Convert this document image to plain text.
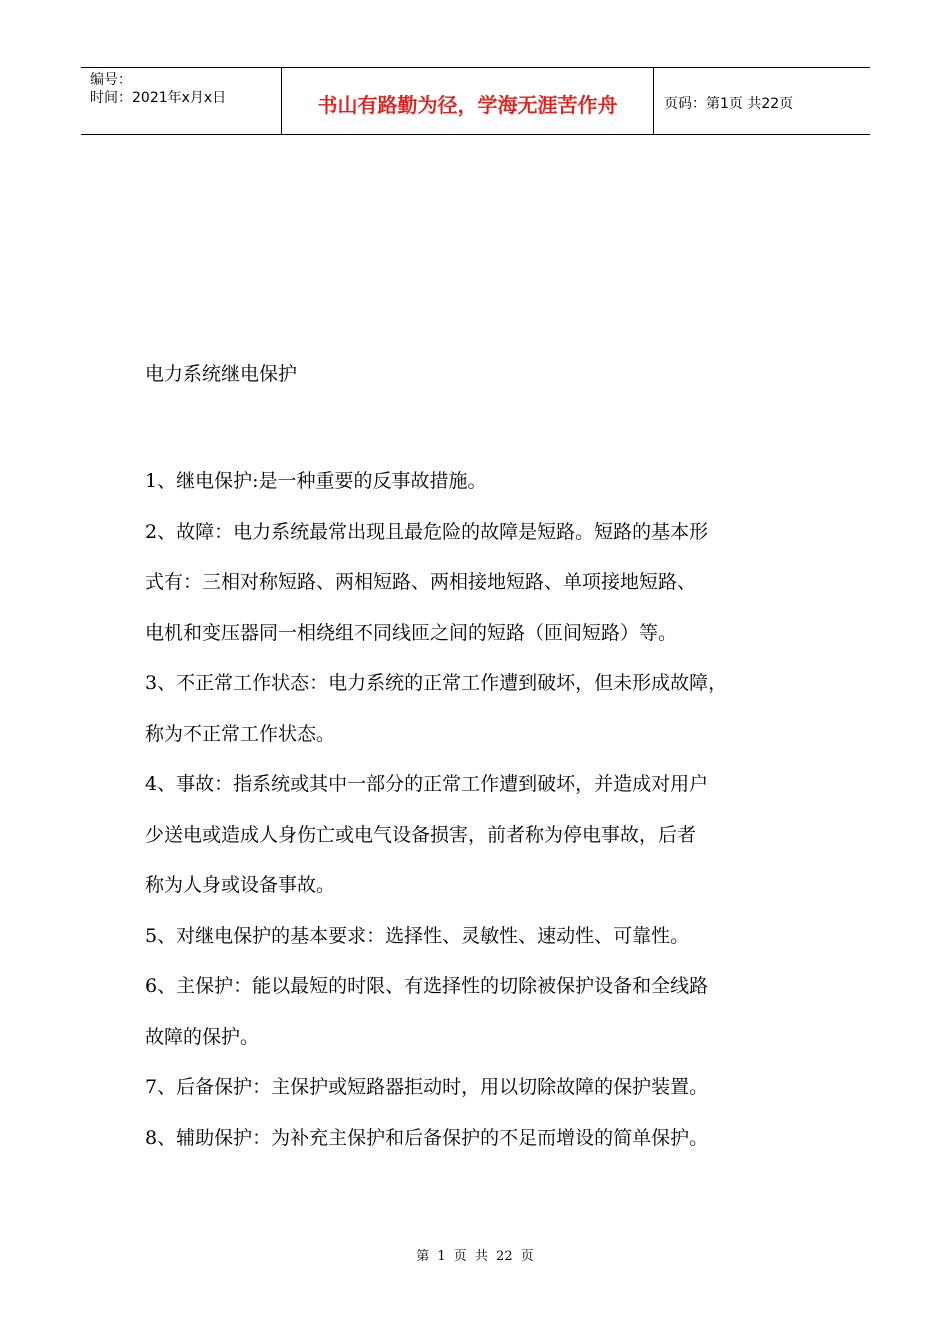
编号：
时间：2021年x月x日	书山有路勤为径，学海无涯苦作舟	页码：第1页 共22页
电力系统继电保护
1、继电保护:是一种重要的反事故措施。
2、故障：电力系统最常出现且最危险的故障是短路。短路的基本形
式有：三相对称短路、两相短路、两相接地短路、单项接地短路、
电机和变压器同一相绕组不同线匝之间的短路（匝间短路）等。
3、不正常工作状态：电力系统的正常工作遭到破坏，但未形成故障，
称为不正常工作状态。
4、事故：指系统或其中一部分的正常工作遭到破坏，并造成对用户
少送电或造成人身伤亡或电气设备损害，前者称为停电事故，后者
称为人身或设备事故。
5、对继电保护的基本要求：选择性、灵敏性、速动性、可靠性。
6、主保护：能以最短的时限、有选择性的切除被保护设备和全线路
故障的保护。
7、后备保护：主保护或短路器拒动时，用以切除故障的保护装置。
8、辅助保护：为补充主保护和后备保护的不足而增设的简单保护。
第 1 页 共 22 页
